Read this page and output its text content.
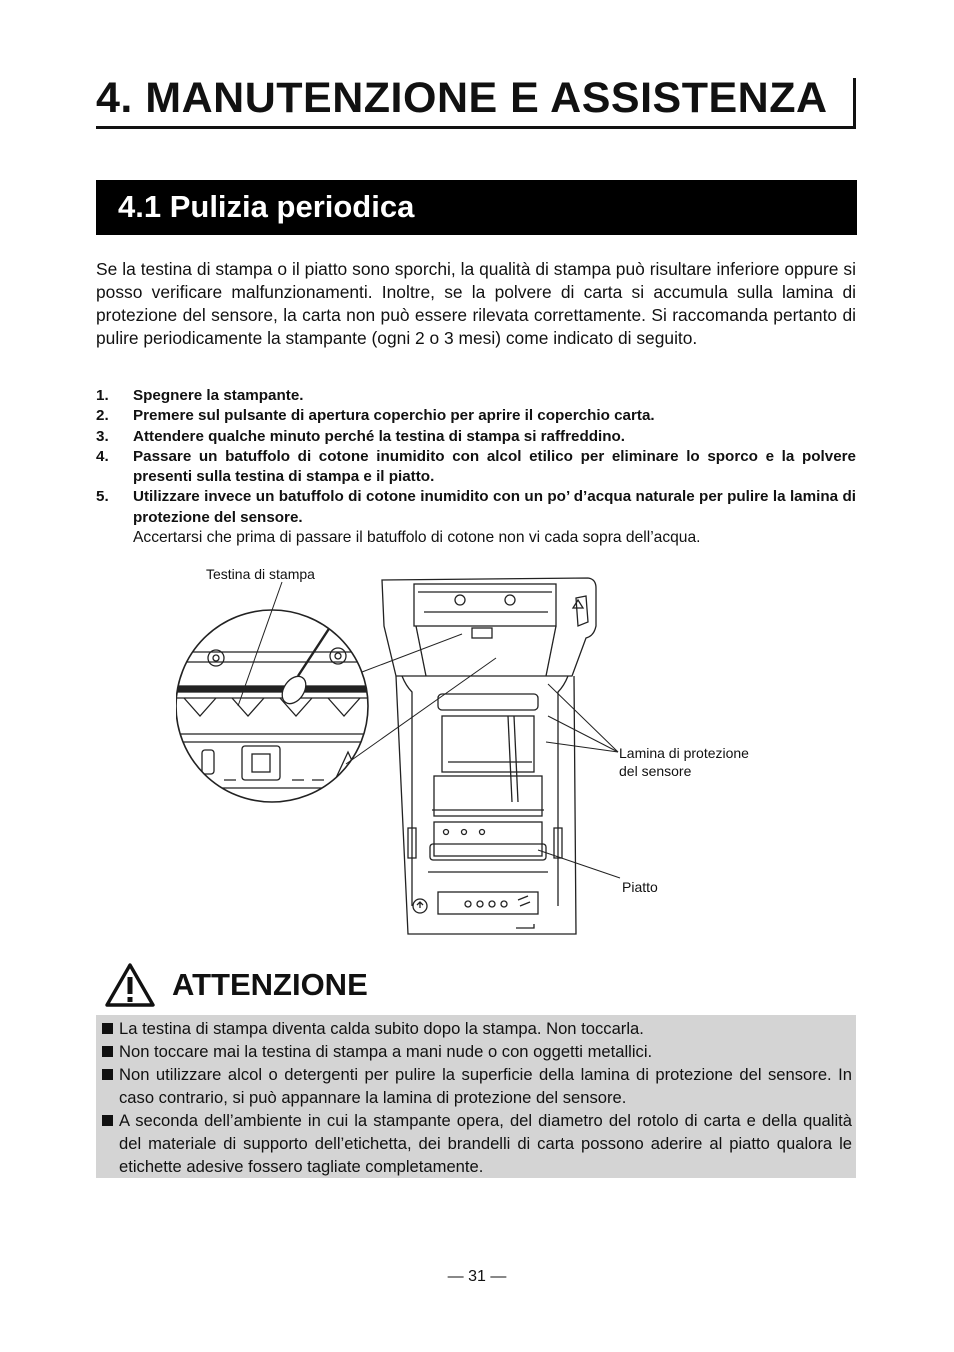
4. MANUTENZIONE E ASSISTENZA
4.1 Pulizia periodica

Se la testina di stampa o il piatto sono sporchi, la qualità di stampa può risultare inferiore oppure si posso verificare malfunzionamenti. Inoltre, se la polvere di carta si accumula sulla lamina di protezione del sensore, la carta non può essere rilevata correttamente. Si raccomanda pertanto di pulire periodicamente la stampante (ogni 2 o 3 mesi) come indicato di seguito.

1. Spegnere la stampante.
2. Premere sul pulsante di apertura coperchio per aprire il coperchio carta.
3. Attendere qualche minuto perché la testina di stampa si raffreddino.
4. Passare un batuffolo di cotone inumidito con alcol etilico per eliminare lo sporco e la polvere presenti sulla testina di stampa e il piatto.
5. Utilizzare invece un batuffolo di cotone inumidito con un po’ d’acqua naturale per pulire la lamina di protezione del sensore.
Accertarsi che prima di passare il batuffolo di cotone non vi cada sopra dell’acqua.
Testina di stampa
Lamina di protezione
del sensore
Piatto
ATTENZIONE
La testina di stampa diventa calda subito dopo la stampa. Non toccarla.
Non toccare mai la testina di stampa a mani nude o con oggetti metallici.
Non utilizzare alcol o detergenti per pulire la superficie della lamina di protezione del sensore. In caso contrario, si può appannare la lamina di protezione del sensore.
A seconda dell’ambiente in cui la stampante opera, del diametro del rotolo di carta e della qualità del materiale di supporto dell’etichetta, dei brandelli di carta possono aderire al piatto qualora le etichette adesive fossero tagliate completamente.
— 31 —
